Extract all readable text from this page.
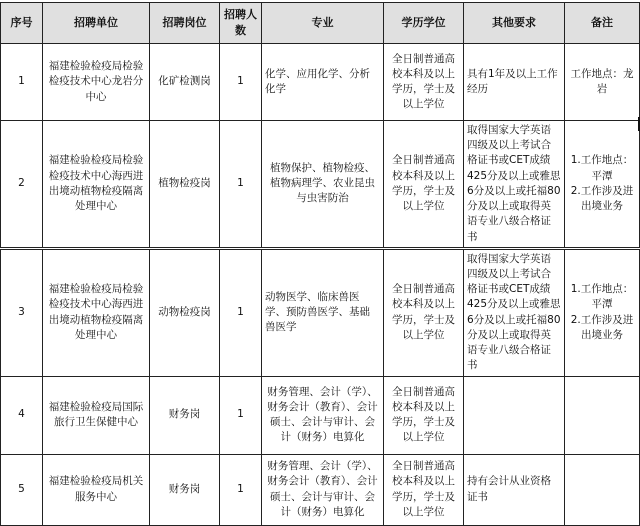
序号	招聘单位	招聘岗位	招聘人数	专业	学历学位	其他要求	备注
1	福建检验检疫局检验检疫技术中心龙岩分中心	化矿检测岗	1	化学、应用化学、分析化学	全日制普通高校本科及以上学历，学士及以上学位	具有1年及以上工作经历	工作地点：龙岩

2	福建检验检疫局检验检疫技术中心海西进出境动植物检疫隔离处理中心	植物检疫岗	1	植物保护、植物检疫、植物病理学、农业昆虫与虫害防治	全日制普通高校本科及以上学历，学士及以上学位	取得国家大学英语四级及以上考试合格证书或CET成绩425分及以上或雅思6分及以上或托福80分及以上或取得英语专业八级合格证书	1.工作地点：平潭
2.工作涉及进出境业务

3	福建检验检疫局检验检疫技术中心海西进出境动植物检疫隔离处理中心	动物检疫岗	1	动物医学、临床兽医学、预防兽医学、基础兽医学	全日制普通高校本科及以上学历，学士及以上学位	取得国家大学英语四级及以上考试合格证书或CET成绩425分及以上或雅思6分及以上或托福80分及以上或取得英语专业八级合格证书	1.工作地点：平潭
2.工作涉及进出境业务

4	福建检验检疫局国际旅行卫生保健中心	财务岗	1	财务管理、会计（学）、财务会计（教育）、会计硕士、会计与审计、会计（财务）电算化	全日制普通高校本科及以上学历，学士及以上学位		
5	福建检验检疫局机关服务中心	财务岗	1	财务管理、会计（学）、财务会计（教育）、会计硕士、会计与审计、会计（财务）电算化	全日制普通高校本科及以上学历，学士及以上学位	持有会计从业资格证书	
